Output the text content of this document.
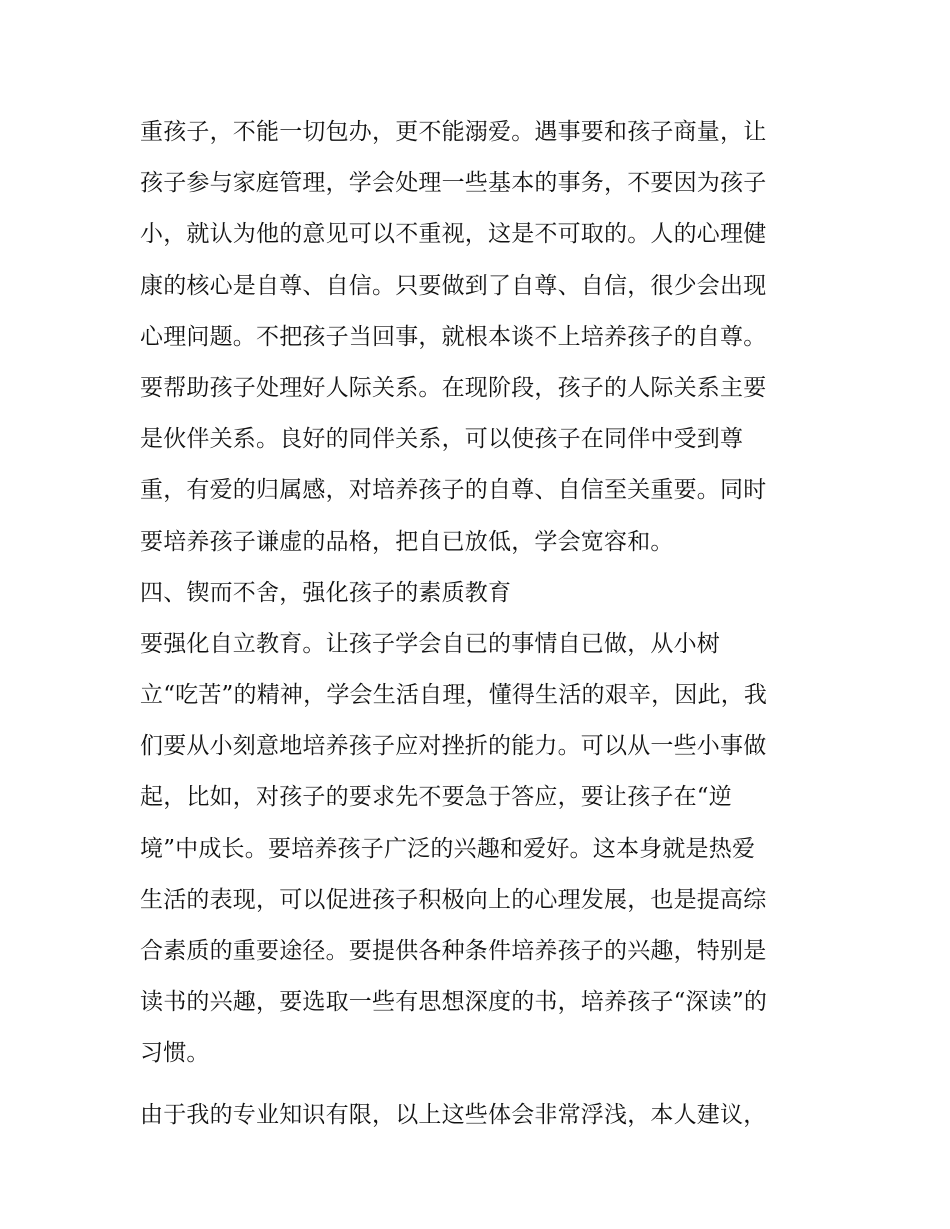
重孩子，不能一切包办，更不能溺爱。遇事要和孩子商量，让
孩子参与家庭管理，学会处理一些基本的事务，不要因为孩子
小，就认为他的意见可以不重视，这是不可取的。人的心理健
康的核心是自尊、自信。只要做到了自尊、自信，很少会出现
心理问题。不把孩子当回事，就根本谈不上培养孩子的自尊。
要帮助孩子处理好人际关系。在现阶段，孩子的人际关系主要
是伙伴关系。良好的同伴关系，可以使孩子在同伴中受到尊
重，有爱的归属感，对培养孩子的自尊、自信至关重要。同时
要培养孩子谦虚的品格，把自已放低，学会宽容和。
四、锲而不舍，强化孩子的素质教育
要强化自立教育。让孩子学会自已的事情自已做，从小树
立“吃苦”的精神，学会生活自理，懂得生活的艰辛，因此，我
们要从小刻意地培养孩子应对挫折的能力。可以从一些小事做
起，比如，对孩子的要求先不要急于答应，要让孩子在“逆
境”中成长。要培养孩子广泛的兴趣和爱好。这本身就是热爱
生活的表现，可以促进孩子积极向上的心理发展，也是提高综
合素质的重要途径。要提供各种条件培养孩子的兴趣，特别是
读书的兴趣，要选取一些有思想深度的书，培养孩子“深读”的
习惯。
由于我的专业知识有限，以上这些体会非常浮浅，本人建议，
